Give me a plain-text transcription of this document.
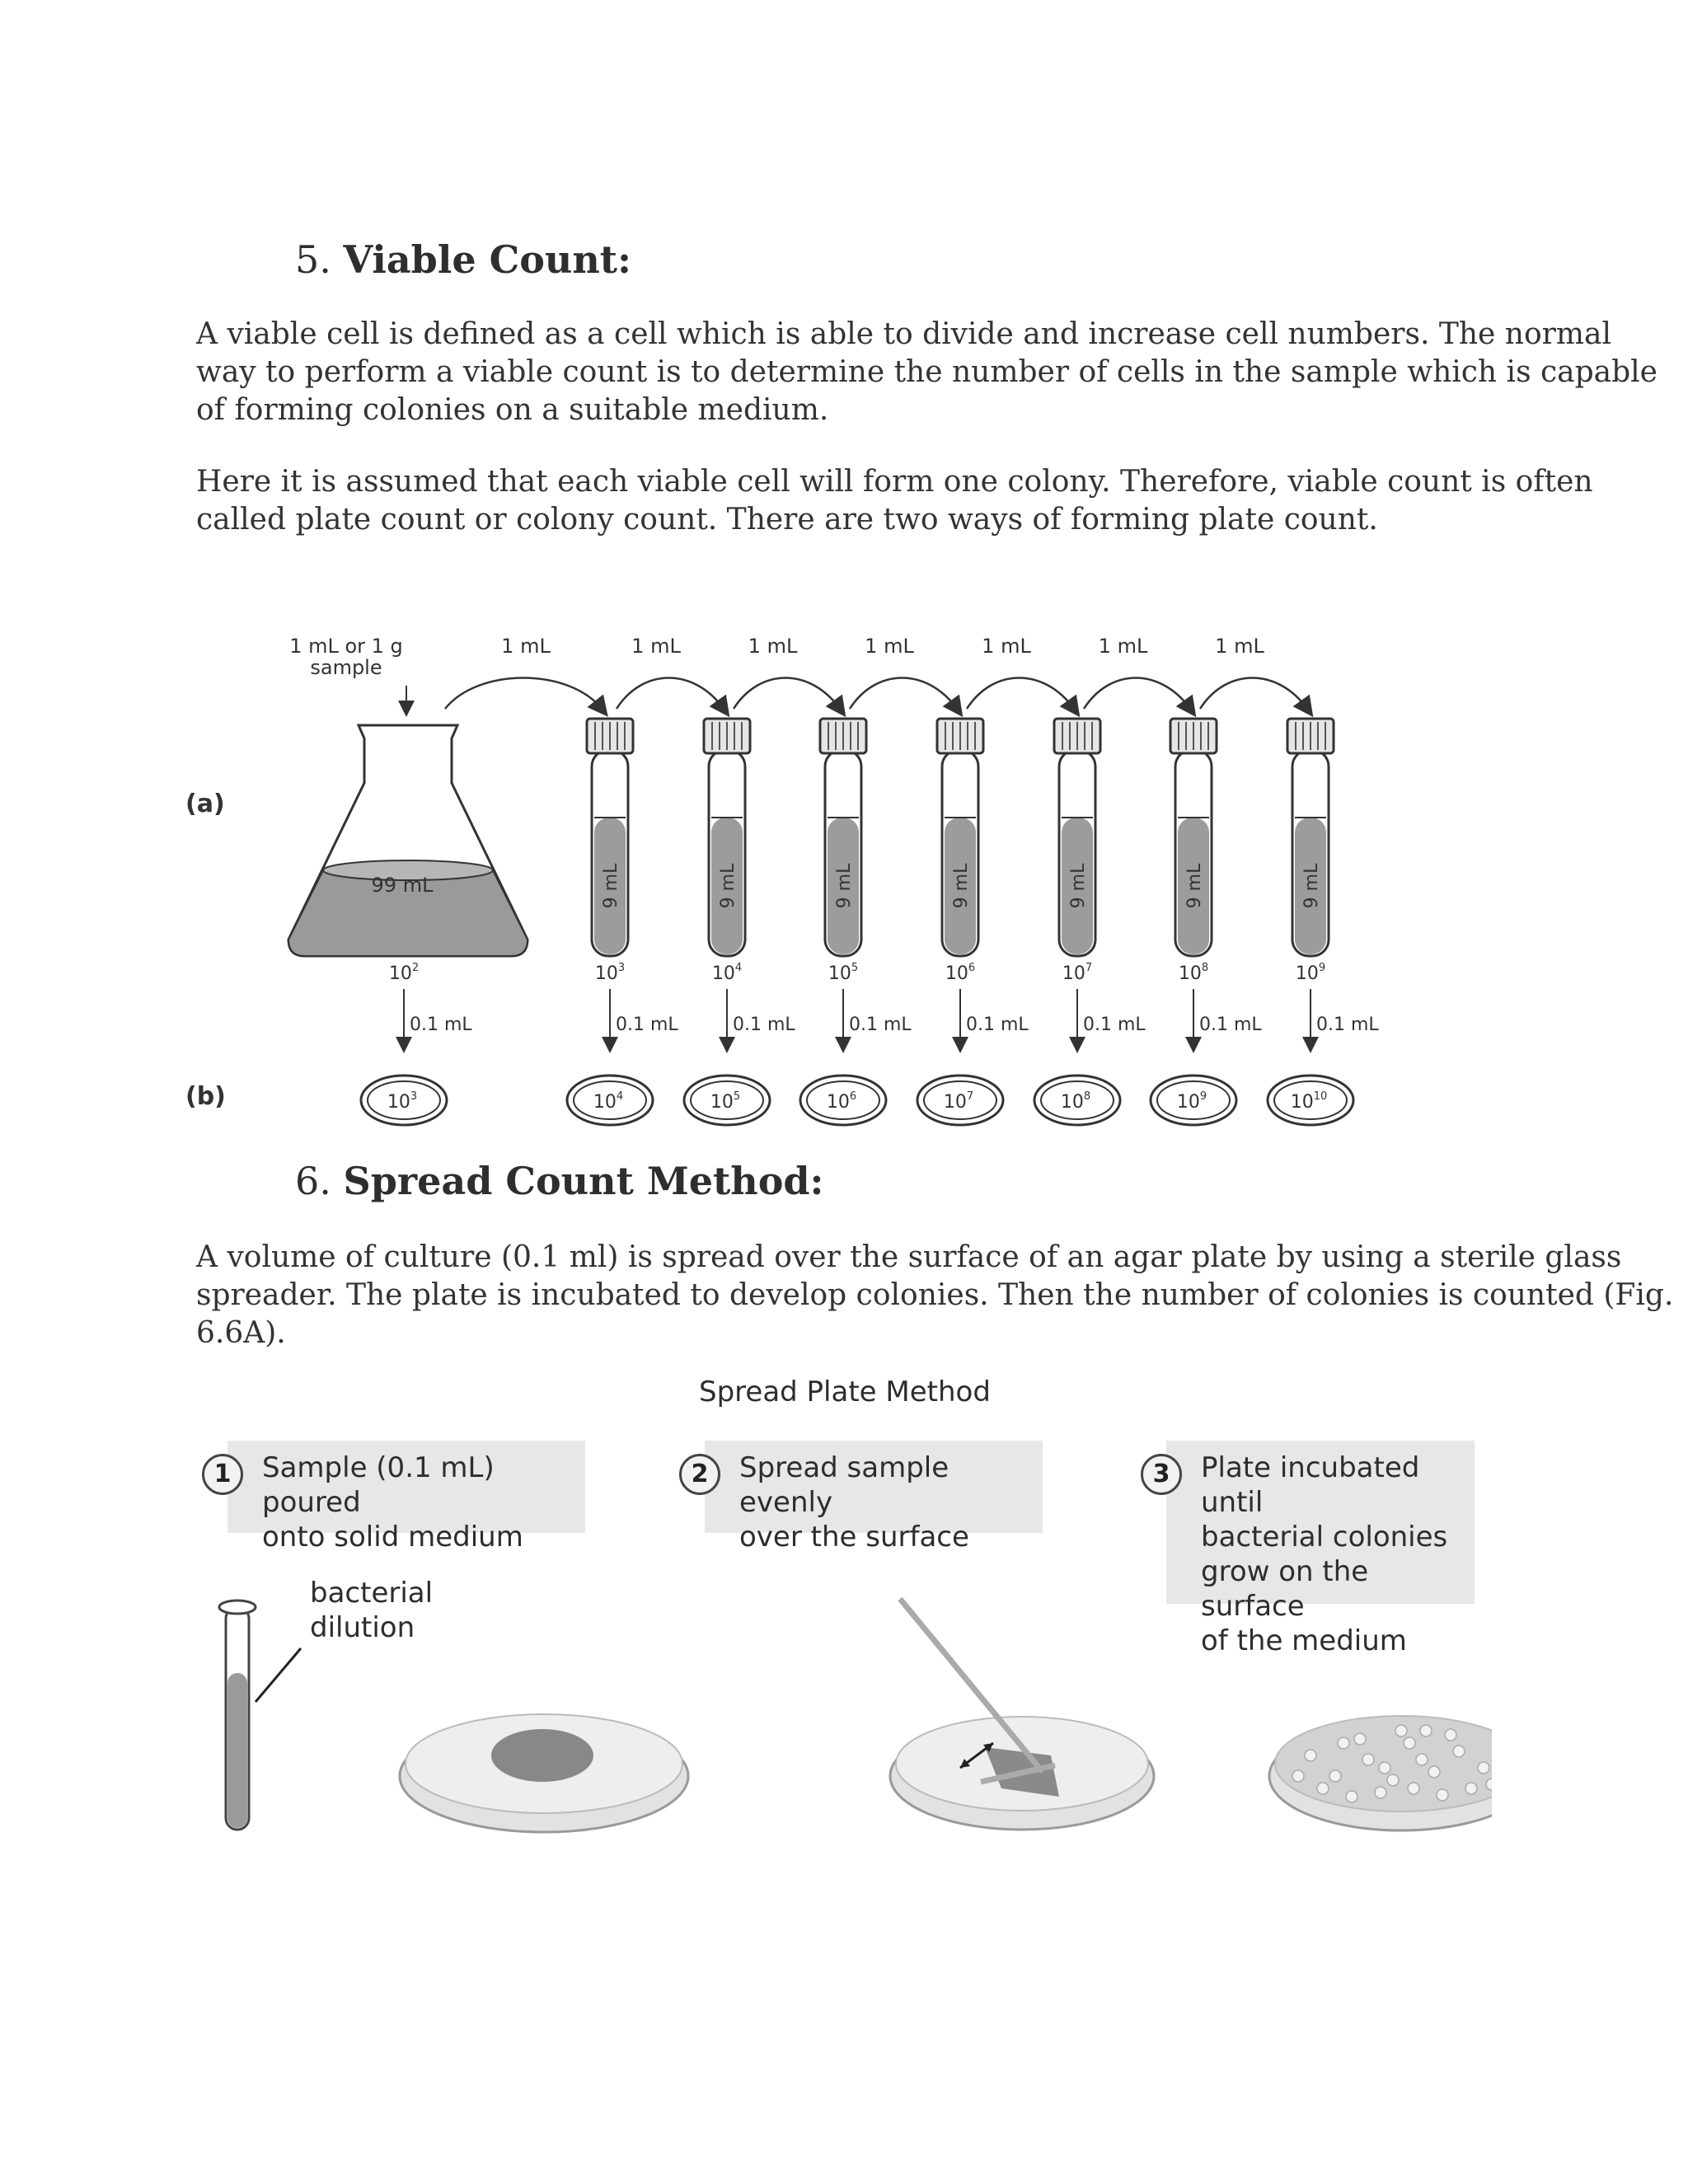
5. Viable Count:

A viable cell is defined as a cell which is able to divide and increase cell numbers. The normal way to perform a viable count is to determine the number of cells in the sample which is capable of forming colonies on a suitable medium.

Here it is assumed that each viable cell will form one colony. Therefore, viable count is often called plate count or colony count. There are two ways of forming plate count.

(a)
(b)
1 mL or 1 g
sample
99 mL
1 mL	1 mL
9 mL
$10^3$
0.1 mL
$10^4$
1 mL
9 mL
$10^4$
0.1 mL
$10^5$
1 mL
9 mL
$10^5$
0.1 mL
$10^6$
1 mL
9 mL
$10^6$
0.1 mL
$10^7$
1 mL
9 mL
$10^7$
0.1 mL
$10^8$
1 mL
9 mL
$10^8$
0.1 mL
$10^9$
9 mL
$10^9$
0.1 mL
$10^{10}$
$10^2$
0.1 mL
$10^3$
6. Spread Count Method:

A volume of culture (0.1 ml) is spread over the surface of an agar plate by using a sterile glass spreader. The plate is incubated to develop colonies. Then the number of colonies is counted (Fig. 6.6A).

Spread Plate Method
Sample (0.1 mL) poured
onto solid medium
1	Spread sample evenly
over the surface
2	Plate incubated until
bacterial colonies
grow on the surface
of the medium
3
bacterial
dilution
